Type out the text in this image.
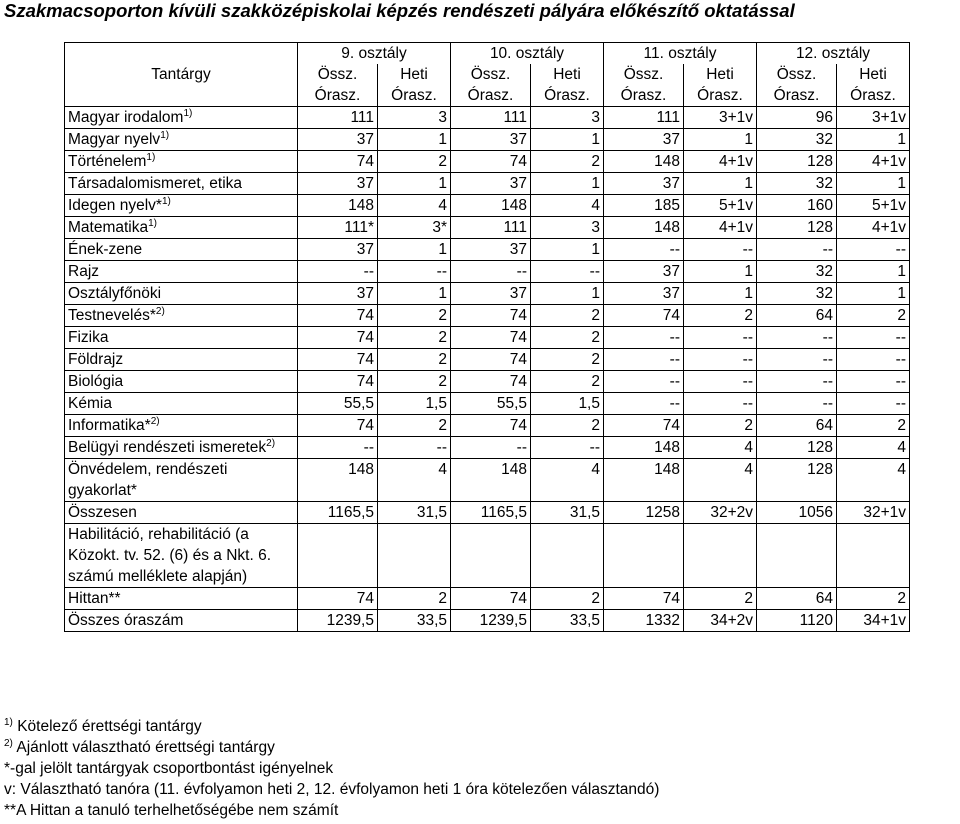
Szakmacsoporton kívüli szakközépiskolai képzés rendészeti pályára előkészítő oktatással
Tantárgy	9. osztály		10. osztály		11. osztály		12. osztály	
	Össz.	Heti	Össz.	Heti	Össz.	Heti	Össz.	Heti
	Órasz.	Órasz.	Órasz.	Órasz.	Órasz.	Órasz.	Órasz.	Órasz.
Magyar irodalom$^{1)}$	111	3	111	3	111	3+1v	96	3+1v
Magyar nyelv$^{1)}$	37	1	37	1	37	1	32	1
Történelem$^{1)}$	74	2	74	2	148	4+1v	128	4+1v
Társadalomismeret, etika	37	1	37	1	37	1	32	1
Idegen nyelv*$^{1)}$	148	4	148	4	185	5+1v	160	5+1v
Matematika$^{1)}$	111*	3*	111	3	148	4+1v	128	4+1v
Ének-zene	37	1	37	1	--	--	--	--
Rajz	--	--	--	--	37	1	32	1
Osztályfőnöki	37	1	37	1	37	1	32	1
Testnevelés*$^{2)}$	74	2	74	2	74	2	64	2
Fizika	74	2	74	2	--	--	--	--
Földrajz	74	2	74	2	--	--	--	--
Biológia	74	2	74	2	--	--	--	--
Kémia	55,5	1,5	55,5	1,5	--	--	--	--
Informatika*$^{2)}$	74	2	74	2	74	2	64	2
Belügyi rendészeti ismeretek$^{2)}$	--	--	--	--	148	4	128	4
Önvédelem, rendészeti gyakorlat*	148	4	148	4	148	4	128	4
Összesen	1165,5	31,5	1165,5	31,5	1258	32+2v	1056	32+1v
Habilitáció, rehabilitáció (a Közokt. tv. 52. (6) és a Nkt. 6. számú melléklete alapján)								
Hittan**	74	2	74	2	74	2	64	2
Összes óraszám	1239,5	33,5	1239,5	33,5	1332	34+2v	1120	34+1v
$^{1)}$ Kötelező érettségi tantárgy
$^{2)}$ Ajánlott választható érettségi tantárgy
*-gal jelölt tantárgyak csoportbontást igényelnek
v: Választható tanóra (11. évfolyamon heti 2, 12. évfolyamon heti 1 óra kötelezően választandó)
**A Hittan a tanuló terhelhetőségébe nem számít
